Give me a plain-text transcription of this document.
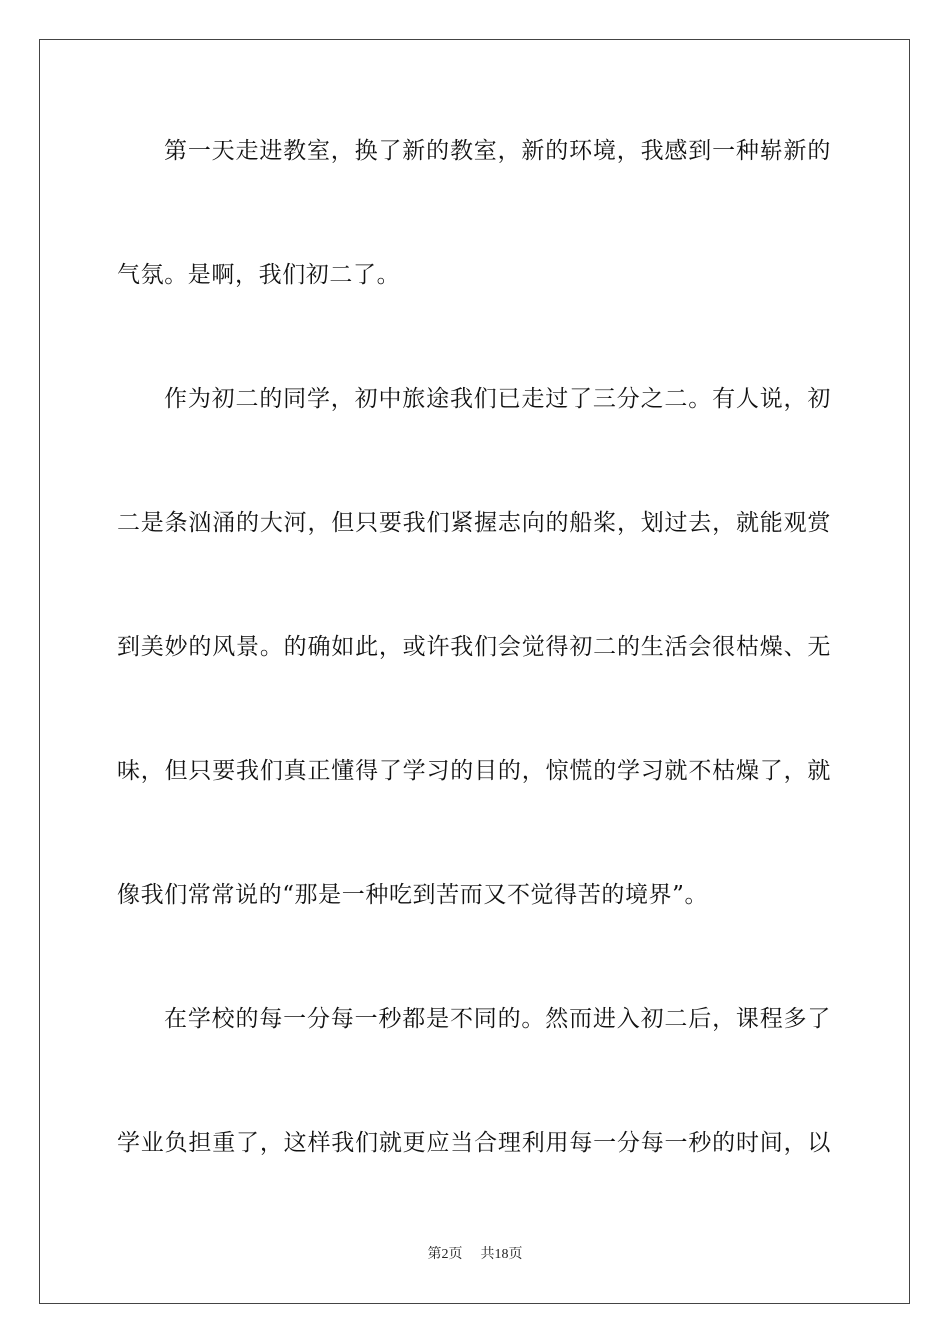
第一天走进教室，换了新的教室，新的环境，我感到一种崭新的
气氛。是啊，我们初二了。
作为初二的同学，初中旅途我们已走过了三分之二。有人说，初
二是条汹涌的大河，但只要我们紧握志向的船桨，划过去，就能观赏
到美妙的风景。的确如此，或许我们会觉得初二的生活会很枯燥、无
味，但只要我们真正懂得了学习的目的，惊慌的学习就不枯燥了，就
像我们常常说的“那是一种吃到苦而又不觉得苦的境界”。
在学校的每一分每一秒都是不同的。然而进入初二后，课程多了
学业负担重了，这样我们就更应当合理利用每一分每一秒的时间，以
第2页 共18页
